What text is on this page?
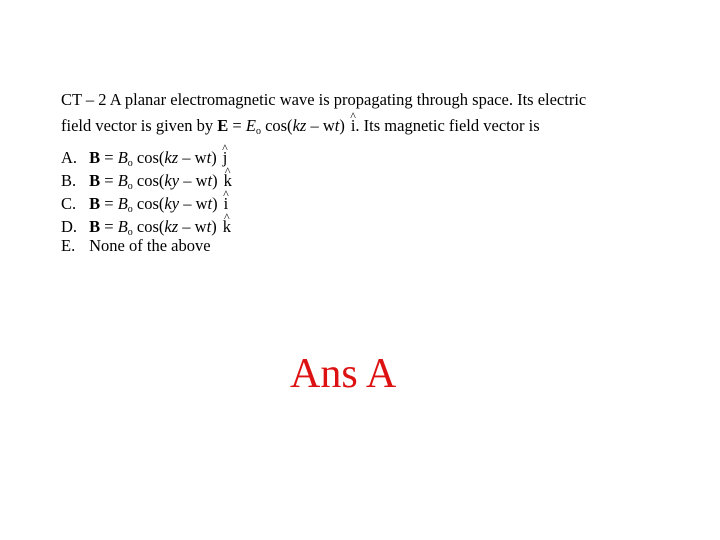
CT – 2 A planar electromagnetic wave is propagating through space. Its electric
field vector is given by $E = E_o$ cos(kz – wt) ^ i. Its magnetic field vector is
A. $B = B_o$ cos(kz – wt) ^ j
B. $B = B_o$ cos(ky – wt) ^ k
C. $B = B_o$ cos(ky – wt) ^ i
D. $B = B_o$ cos(kz – wt) ^ k
E. None of the above
Ans A
